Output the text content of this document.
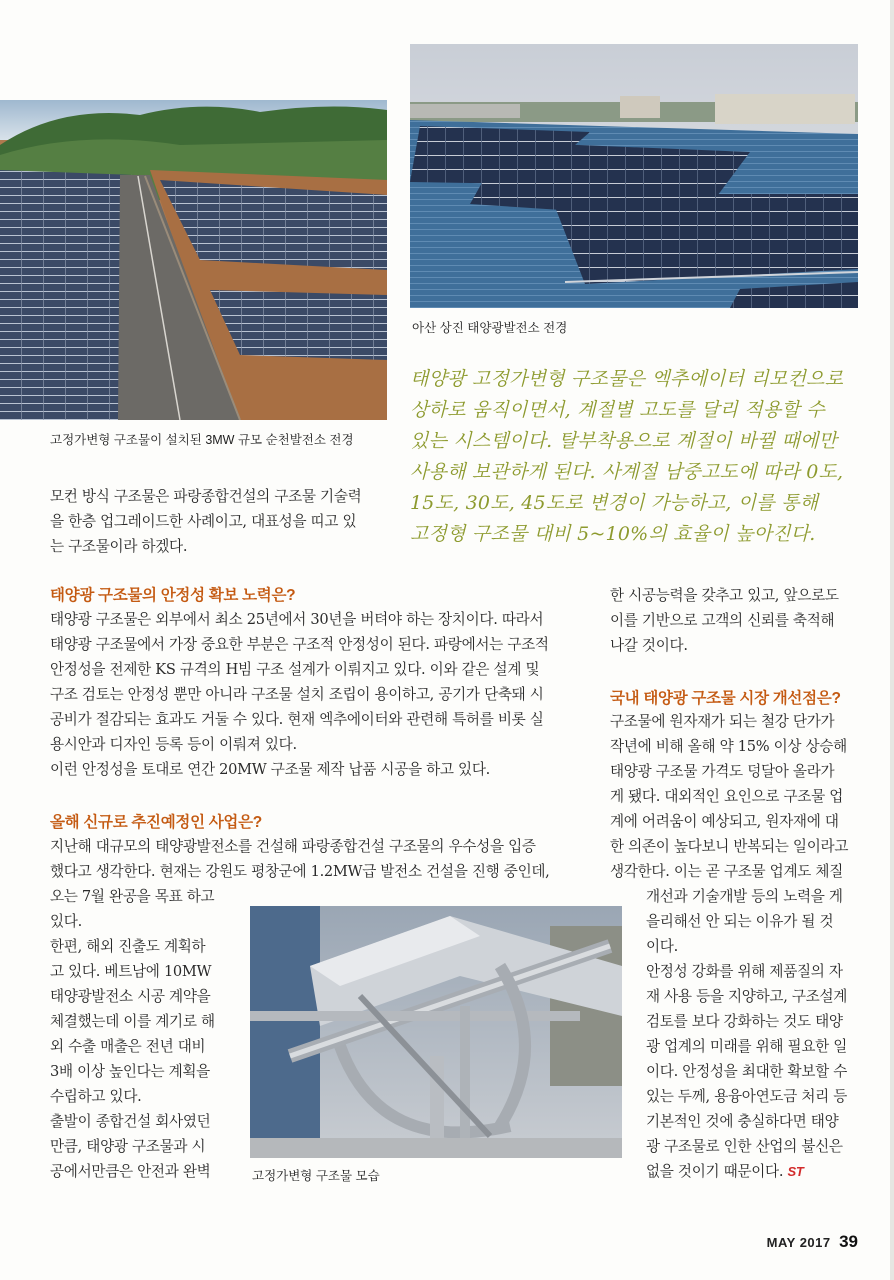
고정가변형 구조물이 설치된 3MW 규모 순천발전소 전경
아산 상진 태양광발전소 전경

태양광 고정가변형 구조물은 엑추에이터 리모컨으로

상하로 움직이면서, 계절별 고도를 달리 적용할 수

있는 시스템이다. 탈부착용으로 계절이 바뀔 때에만

사용해 보관하게 된다. 사계절 남중고도에 따라 0도,

15도, 30도, 45도로 변경이 가능하고, 이를 통해

고정형 구조물 대비 5~10%의 효율이 높아진다.

모컨 방식 구조물은 파랑종합건설의 구조물 기술력

을 한층 업그레이드한 사례이고, 대표성을 띠고 있

는 구조물이라 하겠다.

태양광 구조물의 안정성 확보 노력은?

태양광 구조물은 외부에서 최소 25년에서 30년을 버텨야 하는 장치이다. 따라서

태양광 구조물에서 가장 중요한 부분은 구조적 안정성이 된다. 파랑에서는 구조적

안정성을 전제한 KS 규격의 H빔 구조 설계가 이뤄지고 있다. 이와 같은 설계 및

구조 검토는 안정성 뿐만 아니라 구조물 설치 조립이 용이하고, 공기가 단축돼 시

공비가 절감되는 효과도 거둘 수 있다. 현재 엑추에이터와 관련해 특허를 비롯 실

용시안과 디자인 등록 등이 이뤄져 있다.

이런 안정성을 토대로 연간 20MW 구조물 제작 납품 시공을 하고 있다.

올해 신규로 추진예정인 사업은?

지난해 대규모의 태양광발전소를 건설해 파랑종합건설 구조물의 우수성을 입증

했다고 생각한다. 현재는 강원도 평창군에 1.2MW급 발전소 건설을 진행 중인데,

오는 7월 완공을 목표 하고

있다.

한편, 해외 진출도 계획하

고 있다. 베트남에 10MW

태양광발전소 시공 계약을

체결했는데 이를 계기로 해

외 수출 매출은 전년 대비

3배 이상 높인다는 계획을

수립하고 있다.

출발이 종합건설 회사였던

만큼, 태양광 구조물과 시

공에서만큼은 안전과 완벽	고정가변형 구조물 모습

한 시공능력을 갖추고 있고, 앞으로도

이를 기반으로 고객의 신뢰를 축적해

나갈 것이다.

국내 태양광 구조물 시장 개선점은?

구조물에 원자재가 되는 철강 단가가

작년에 비해 올해 약 15% 이상 상승해

태양광 구조물 가격도 덩달아 올라가

게 됐다. 대외적인 요인으로 구조물 업

계에 어려움이 예상되고, 원자재에 대

한 의존이 높다보니 반복되는 일이라고

생각한다. 이는 곧 구조물 업계도 체질

개선과 기술개발 등의 노력을 게

을리해선 안 되는 이유가 될 것

이다.

안정성 강화를 위해 제품질의 자

재 사용 등을 지양하고, 구조설계

검토를 보다 강화하는 것도 태양

광 업계의 미래를 위해 필요한 일

이다. 안정성을 최대한 확보할 수

있는 두께, 용융아연도금 처리 등

기본적인 것에 충실하다면 태양

광 구조물로 인한 산업의 불신은

없을 것이기 때문이다. ST

MAY 2017 39
